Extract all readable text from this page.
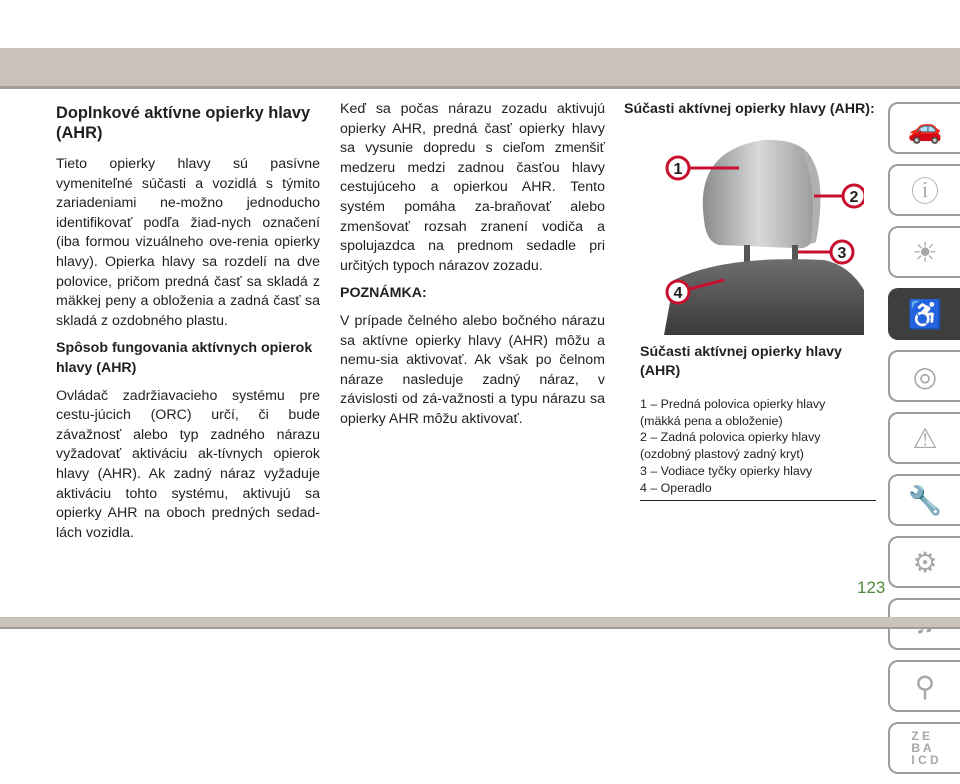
Doplnkové aktívne opierky hlavy (AHR)

Tieto opierky hlavy sú pasívne vymeniteľné súčasti a vozidlá s týmito zariadeniami ne-možno jednoducho identifikovať podľa žiad-nych označení (iba formou vizuálneho ove-renia opierky hlavy). Opierka hlavy sa rozdelí na dve polovice, pričom predná časť sa skladá z mäkkej peny a obloženia a zadná časť sa skladá z ozdobného plastu.

Spôsob fungovania aktívnych opierok hlavy (AHR)

Ovládač zadržiavacieho systému pre cestu-júcich (ORC) určí, či bude závažnosť alebo typ zadného nárazu vyžadovať aktiváciu ak-tívnych opierok hlavy (AHR). Ak zadný náraz vyžaduje aktiváciu tohto systému, aktivujú sa opierky AHR na oboch predných sedad-lách vozidla.

Keď sa počas nárazu zozadu aktivujú opierky AHR, predná časť opierky hlavy sa vysunie dopredu s cieľom zmenšiť medzeru medzi zadnou časťou hlavy cestujúceho a opierkou AHR. Tento systém pomáha za-braňovať alebo zmenšovať rozsah zranení vodiča a spolujazdca na prednom sedadle pri určitých typoch nárazov zozadu.

POZNÁMKA:

V prípade čelného alebo bočného nárazu sa aktívne opierky hlavy (AHR) môžu a nemu-sia aktivovať. Ak však po čelnom náraze nasleduje zadný náraz, v závislosti od zá-važnosti a typu nárazu sa opierky AHR môžu aktivovať.

Súčasti aktívnej opierky hlavy (AHR):
1
2
3
4
Súčasti aktívnej opierky hlavy (AHR)
1 – Predná polovica opierky hlavy
(mäkká pena a obloženie)
2 – Zadná polovica opierky hlavy
(ozdobný plastový zadný kryt)
3 – Vodiace tyčky opierky hlavy
4 – Operadlo
🚗
ⓘ
☀
♿
◎
⚠
🔧
⚙
⚲
Z E
B A
I C D
123
